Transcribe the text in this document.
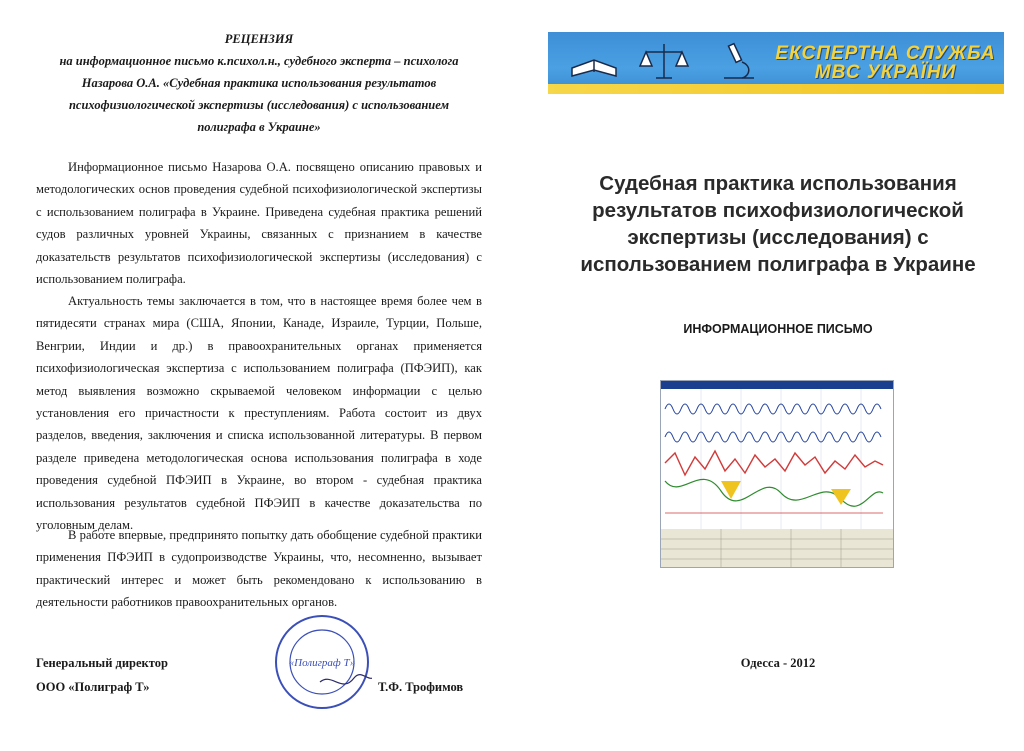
РЕЦЕНЗИЯ
на информационное письмо к.психол.н., судебного эксперта – психолога
Назарова О.А. «Судебная практика использования результатов
психофизиологической экспертизы (исследования) с использованием
полиграфа в Украине»
Информационное письмо Назарова О.А. посвящено описанию правовых и методологических основ проведения судебной психофизиологической экспертизы с использованием полиграфа в Украине. Приведена судебная практика решений судов различных уровней Украины, связанных с признанием в качестве доказательств результатов психофизиологической экспертизы (исследования) с использованием полиграфа.
Актуальность темы заключается в том, что в настоящее время более чем в пятидесяти странах мира (США, Японии, Канаде, Израиле, Турции, Польше, Венгрии, Индии и др.) в правоохранительных органах применяется психофизиологическая экспертиза с использованием полиграфа (ПФЭИП), как метод выявления возможно скрываемой человеком информации с целью установления его причастности к преступлениям. Работа состоит из двух разделов, введения, заключения и списка использованной литературы. В первом разделе приведена методологическая основа использования полиграфа в ходе проведения судебной ПФЭИП в Украине, во втором - судебная практика использования результатов судебной ПФЭИП в качестве доказательства по уголовным делам.
В работе впервые, предпринято попытку дать обобщение судебной практики применения ПФЭИП в судопроизводстве Украины, что, несомненно, вызывает практический интерес и может быть рекомендовано к использованию в деятельности работников правоохранительных органов.
Генеральный директор
ООО «Полиграф Т»	Т.Ф. Трофимов
«Полиграф Т»
ЕКСПЕРТНА СЛУЖБА
МВС УКРАЇНИ
Судебная практика использования
результатов психофизиологической
экспертизы (исследования) с
использованием полиграфа в Украине
ИНФОРМАЦИОННОЕ ПИСЬМО
Одесса - 2012
